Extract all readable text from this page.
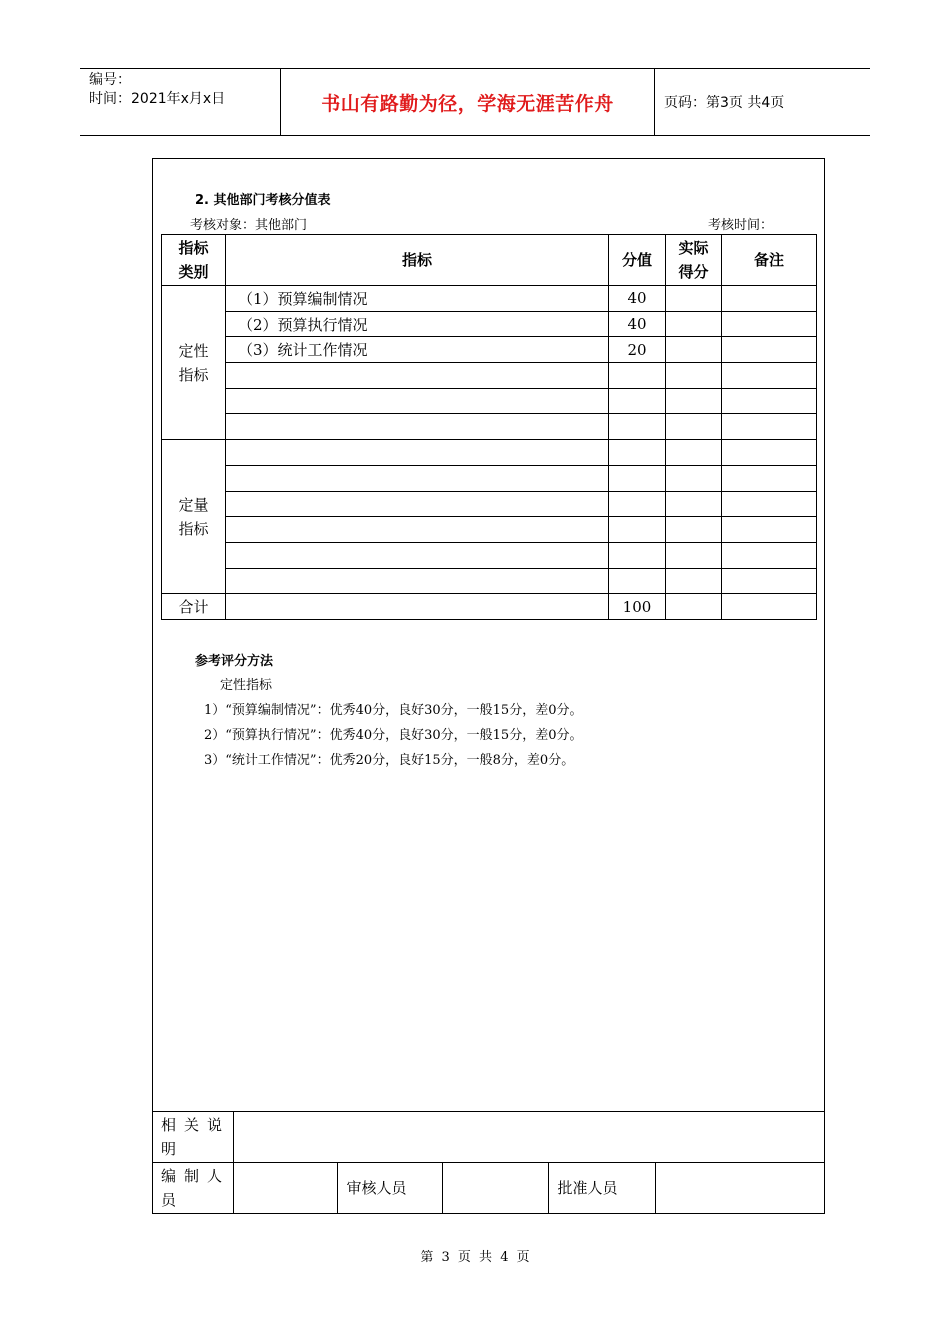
编号：
时间：2021年x月x日	书山有路勤为径，学海无涯苦作舟	页码：第3页 共4页
2. 其他部门考核分值表
考核对象：其他部门	考核时间：
指标类别	指标	分值	实际得分	备注

定性指标	（1）预算编制情况	40		
	（2）预算执行情况	40		
	（3）统计工作情况	20		

定量指标				

合计		100		
参考评分方法
定性指标
1）“预算编制情况”：优秀40分，良好30分，一般15分，差0分。
2）“预算执行情况”：优秀40分，良好30分，一般15分，差0分。
3）“统计工作情况”：优秀20分，良好15分，一般8分，差0分。
相关说明					

编制人员		审核人员		批准人员	
第 3 页 共 4 页
